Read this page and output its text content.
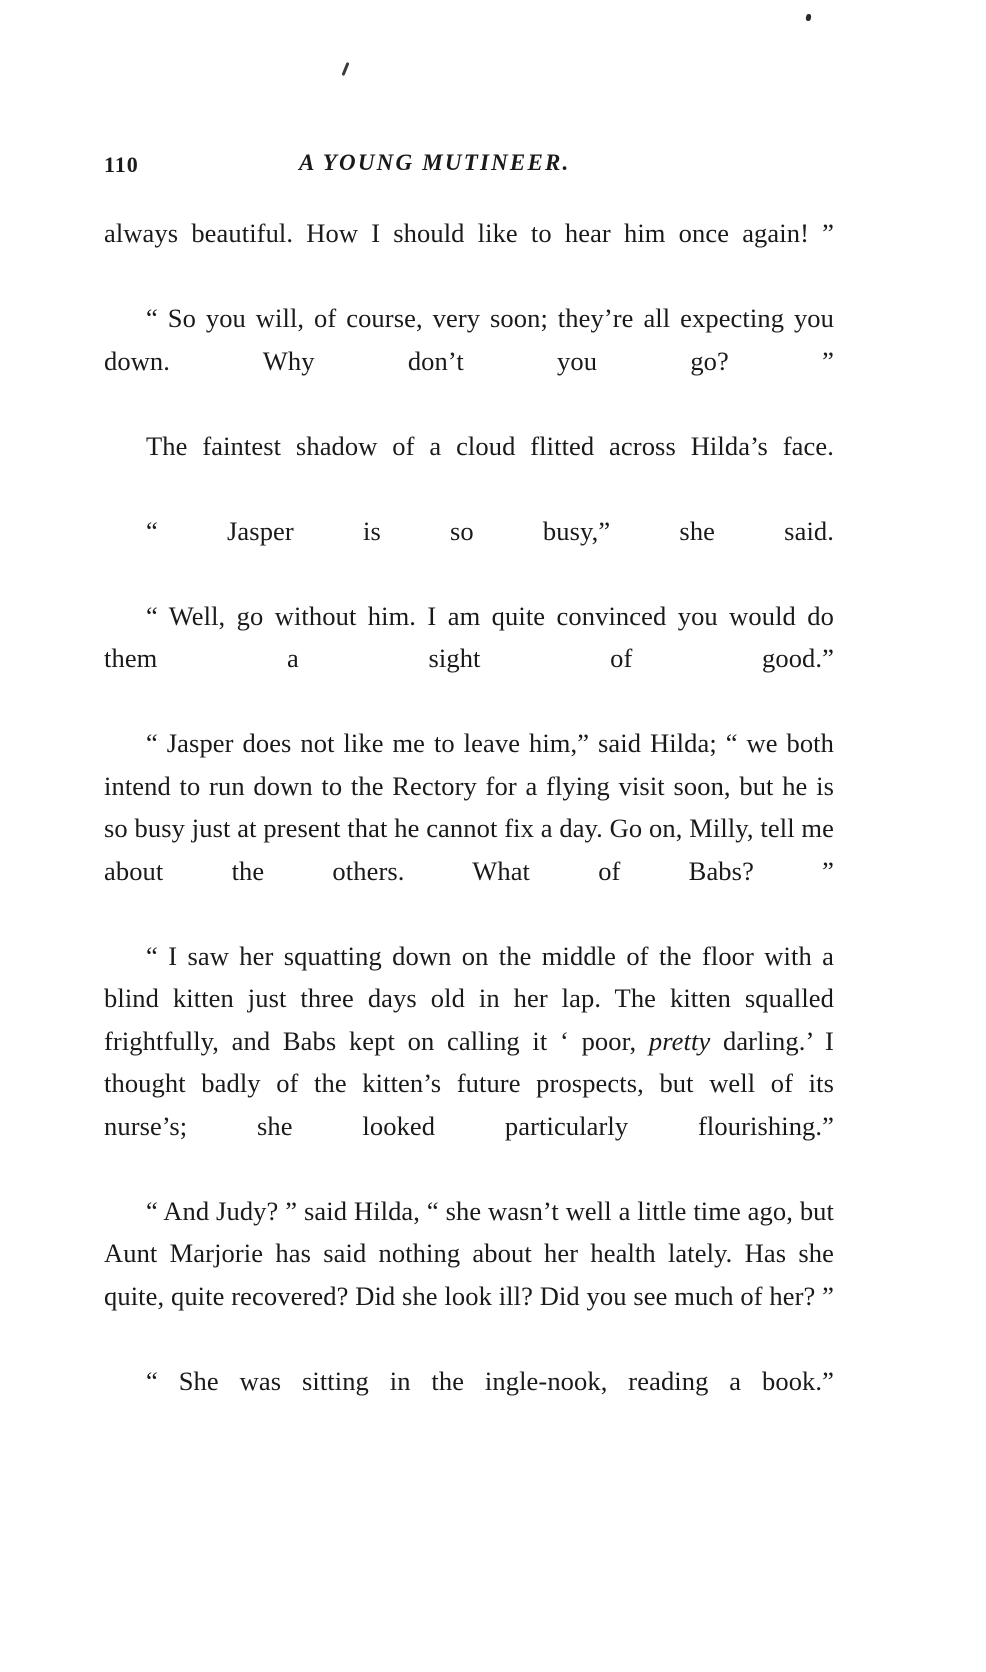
110	A YOUNG MUTINEER.

always beautiful. How I should like to hear him once again! ”

“ So you will, of course, very soon; they’re all expecting you down. Why don’t you go? ”

The faintest shadow of a cloud flitted across Hilda’s face.

“ Jasper is so busy,” she said.

“ Well, go without him. I am quite convinced you would do them a sight of good.”

“ Jasper does not like me to leave him,” said Hilda; “ we both intend to run down to the Rectory for a flying visit soon, but he is so busy just at present that he cannot fix a day. Go on, Milly, tell me about the others. What of Babs? ”

“ I saw her squatting down on the middle of the floor with a blind kitten just three days old in her lap. The kitten squalled frightfully, and Babs kept on calling it ‘ poor, pretty darling.’ I thought badly of the kitten’s future prospects, but well of its nurse’s; she looked particularly flourishing.”

“ And Judy? ” said Hilda, “ she wasn’t well a little time ago, but Aunt Marjorie has said nothing about her health lately. Has she quite, quite recovered? Did she look ill? Did you see much of her? ”

“ She was sitting in the ingle-nook, reading a book.”
